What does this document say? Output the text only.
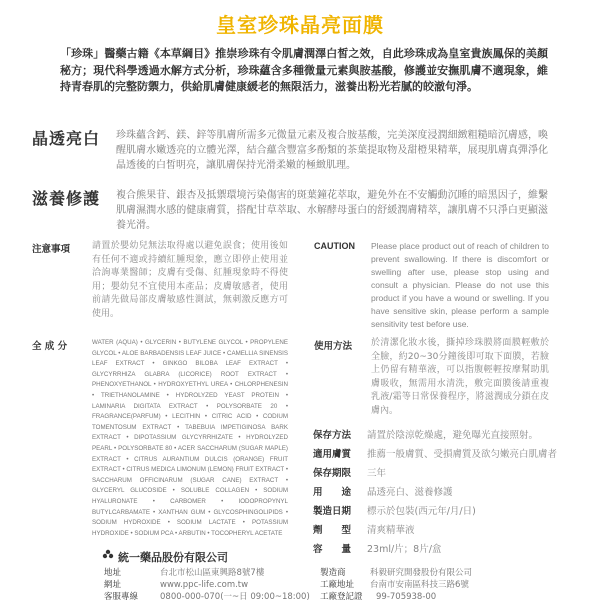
皇室珍珠晶亮面膜
「珍珠」醫藥古籍《本草綱目》推崇珍珠有令肌膚潤澤白皙之效，自此珍珠成為皇室貴族鳳保的美顏秘方；現代科學透過水解方式分析，珍珠蘊含多種微量元素與胺基酸，修護並安撫肌膚不適現象，維持青春肌的完整防禦力，供給肌膚健康緩老的無限活力，滋養出粉光若膩的皎澈句淨。
晶透亮白 珍珠蘊含鈣、鎂、鋅等肌膚所需多元微量元素及複合胺基酸，完美深度浸潤細緻粗糙暗沉膚感，喚醒肌膚水嫩透亮的立體光澤，結合蘊含豐富多酚類的茶葉提取物及甜橙果精華，展現肌膚真彈淨化晶透後的白皙明亮，讓肌膚保持光滑柔嫩的極緻肌理。
滋養修護 複合熊果苷、銀杏及抵禦環境污染傷害的斑葉鐘花萃取，避免外在不安觸動沉睡的暗黑因子，維繫肌膚濕潤水感的健康膚質，搭配甘草萃取、水解酵母蛋白的舒緩潤膚精萃，讓肌膚不只淨白更顯滋養光滑。
注意事項 請置於嬰幼兒無法取得處以避免誤食；使用後如有任何不適或持續紅腫現象，應立即停止使用並洽詢專業醫師；皮膚有受傷、紅腫現象時不得使用；嬰幼兒不宜使用本產品；皮膚敏感者，使用前請先做局部皮膚敏感性測試，無刺激反應方可使用。
CAUTION Please place product out of reach of children to prevent swallowing. If there is discomfort or swelling after use, please stop using and consult a physician. Please do not use this product if you have a wound or swelling. If you have sensitive skin, please perform a sample sensitivity test before use.
全 成 分	WATER (AQUA) • GLYCERIN • BUTYLENE GLYCOL • PROPYLENE GLYCOL • ALOE BARBADENSIS LEAF JUICE • CAMELLIA SINENSIS LEAF EXTRACT • GINKGO BILOBA LEAF EXTRACT • GLYCYRRHIZA GLABRA (LICORICE) ROOT EXTRACT • PHENOXYETHANOL • HYDROXYETHYL UREA • CHLORPHENESIN • TRIETHANOLAMINE • HYDROLYZED YEAST PROTEIN • LAMINARIA DIGITATA EXTRACT • POLYSORBATE 20 • FRAGRANCE(PARFUM) • LECITHIN • CITRIC ACID • CODIUM TOMENTOSUM EXTRACT • TABEBUIA IMPETIGINOSA BARK EXTRACT • DIPOTASSIUM GLYCYRRHIZATE • HYDROLYZED PEARL • POLYSORBATE 80 • ACER SACCHARUM (SUGAR MAPLE) EXTRACT • CITRUS AURANTIUM DULCIS (ORANGE) FRUIT EXTRACT • CITRUS MEDICA LIMONUM (LEMON) FRUIT EXTRACT • SACCHARUM OFFICINARUM (SUGAR CANE) EXTRACT • GLYCERYL GLUCOSIDE • SOLUBLE COLLAGEN • SODIUM HYALURONATE • CARBOMER • IODOPROPYNYL BUTYLCARBAMATE • XANTHAN GUM • GLYCOSPHINGOLIPIDS • SODIUM HYDROXIDE • SODIUM LACTATE • POTASSIUM HYDROXIDE • SODIUM PCA • ARBUTIN • TOCOPHERYL ACETATE
使用方法 於清潔化妝水後，撕掉珍珠膜將面膜輕敷於全臉，約20~30分鐘後即可取下面膜，若臉上仍留有精華液，可以指腹輕輕按摩幫助肌膚吸收，無需用水清洗，敷完面膜後請重複乳液/霜等日常保養程序，將滋潤成分鎖在皮膚內。
保存方法 請置於陰涼乾燥處，避免曝光直接照射。
適用膚質 推薦一般膚質、受損膚質及欲匀嫩亮白肌膚者
保存期限 三年
用　　途 晶透亮白、滋養修護
製造日期 標示於包裝(西元年/月/日)
劑　　型 清爽精華液
容　　量 23ml/片；8片/盒
統一藥品股份有限公司
地址	台北市松山區東興路8號7樓
網址	www.ppc-life.com.tw
客服專線	0800-000-070(一~日 09:00~18:00)
製造商	科毅研究開發股份有限公司
工廠地址 台南市安南區科技三路6號
工廠登記證 99-705938-00
